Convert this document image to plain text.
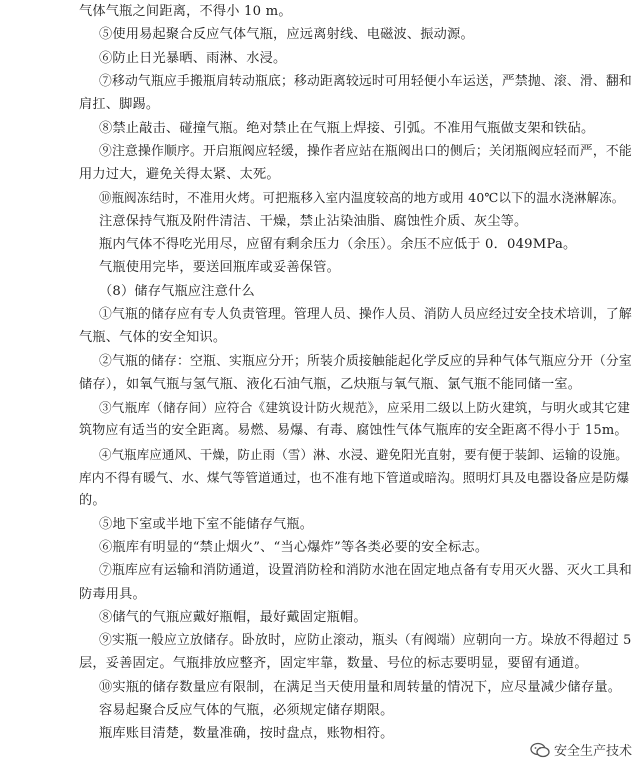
气体气瓶之间距离，不得小 10 m。
⑤使用易起聚合反应气体气瓶，应远离射线、电磁波、振动源。
⑥防止日光暴晒、雨淋、水浸。
⑦移动气瓶应手搬瓶肩转动瓶底；移动距离较远时可用轻便小车运送，严禁抛、滚、滑、翻和
肩扛、脚踢。
⑧禁止敲击、碰撞气瓶。绝对禁止在气瓶上焊接、引弧。不准用气瓶做支架和铁砧。
⑨注意操作顺序。开启瓶阀应轻缓，操作者应站在瓶阀出口的侧后；关闭瓶阀应轻而严，不能
用力过大，避免关得太紧、太死。
⑩瓶阀冻结时，不准用火烤。可把瓶移入室内温度较高的地方或用 40℃以下的温水浇淋解冻。
注意保持气瓶及附件清洁、干燥，禁止沾染油脂、腐蚀性介质、灰尘等。
瓶内气体不得吃光用尽，应留有剩余压力（余压）。余压不应低于 0．049MPa。
气瓶使用完毕，要送回瓶库或妥善保管。
（8）储存气瓶应注意什么
①气瓶的储存应有专人负责管理。管理人员、操作人员、消防人员应经过安全技术培训，了解
气瓶、气体的安全知识。
②气瓶的储存：空瓶、实瓶应分开；所装介质接触能起化学反应的异种气体气瓶应分开（分室
储存），如氧气瓶与氢气瓶、液化石油气瓶，乙炔瓶与氧气瓶、氯气瓶不能同储一室。
③气瓶库（储存间）应符合《建筑设计防火规范》，应采用二级以上防火建筑，与明火或其它建
筑物应有适当的安全距离。易燃、易爆、有毒、腐蚀性气体气瓶库的安全距离不得小于 15m。
④气瓶库应通风、干燥，防止雨（雪）淋、水浸、避免阳光直射，要有便于装卸、运输的设施。
库内不得有暖气、水、煤气等管道通过，也不准有地下管道或暗沟。照明灯具及电器设备应是防爆
的。
⑤地下室或半地下室不能储存气瓶。
⑥瓶库有明显的“禁止烟火”、“当心爆炸”等各类必要的安全标志。
⑦瓶库应有运输和消防通道，设置消防栓和消防水池在固定地点备有专用灭火器、灭火工具和
防毒用具。
⑧储气的气瓶应戴好瓶帽，最好戴固定瓶帽。
⑨实瓶一般应立放储存。卧放时，应防止滚动，瓶头（有阀端）应朝向一方。垛放不得超过 5
层，妥善固定。气瓶排放应整齐，固定牢靠，数量、号位的标志要明显，要留有通道。
⑩实瓶的储存数量应有限制，在满足当天使用量和周转量的情况下，应尽量减少储存量。
容易起聚合反应气体的气瓶，必须规定储存期限。
瓶库账目清楚，数量准确，按时盘点，账物相符。
安全生产技术
